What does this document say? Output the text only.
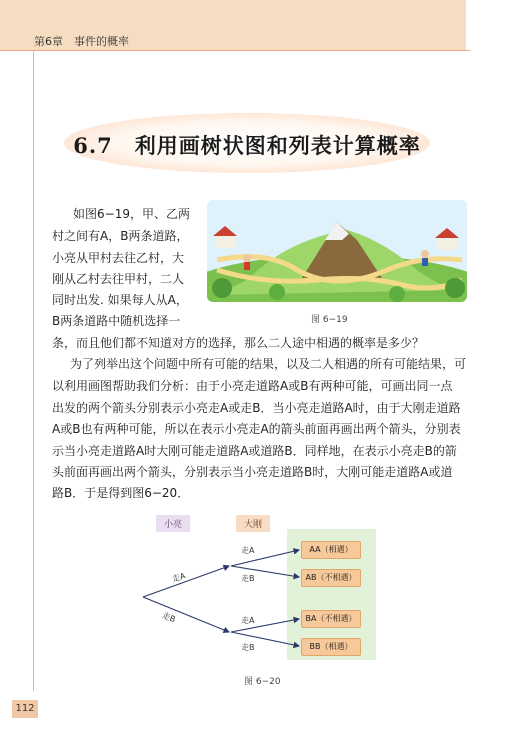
第6章　事件的概率
6.7　利用画树状图和列表计算概率
如图6−19，甲、乙两
村之间有A，B两条道路，
小亮从甲村去往乙村，大
刚从乙村去往甲村，二人
同时出发. 如果每人从A，
B两条道路中随机选择一
条，而且他们都不知道对方的选择，那么二人途中相遇的概率是多少？
图 6−19
为了列举出这个问题中所有可能的结果，以及二人相遇的所有可能结果，可
以利用画图帮助我们分析：由于小亮走道路A或B有两种可能，可画出同一点
出发的两个箭头分别表示小亮走A或走B．当小亮走道路A时，由于大刚走道路
A或B也有两种可能，所以在表示小亮走A的箭头前面再画出两个箭头，分别表
示当小亮走道路A时大刚可能走道路A或道路B．同样地，在表示小亮走B的箭
头前面再画出两个箭头，分别表示当小亮走道路B时，大刚可能走道路A或道
路B．于是得到图6−20．
小亮	大刚
走A
走B
走A
走B
走A
走B
AA（相遇）
AB（不相遇）
BA（不相遇）
BB（相遇）
图 6−20
112
